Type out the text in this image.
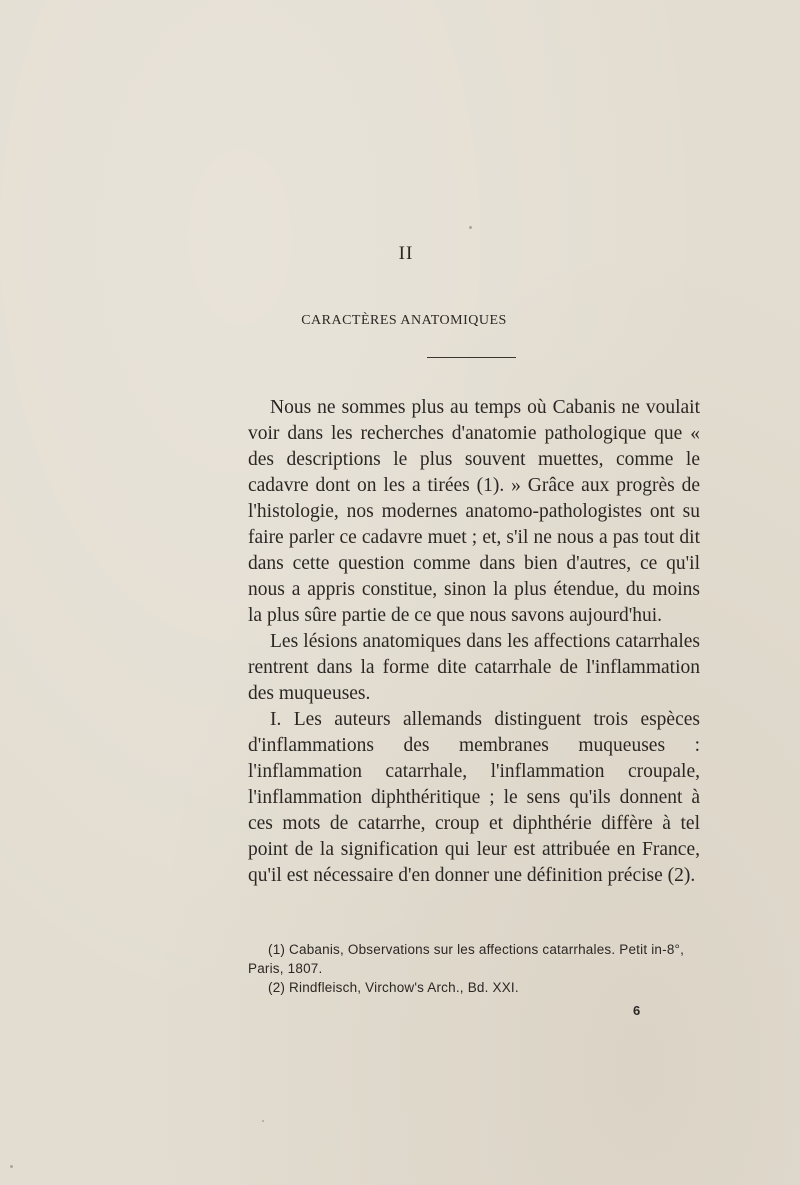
II
CARACTÈRES ANATOMIQUES

Nous ne sommes plus au temps où Cabanis ne voulait voir dans les recherches d'anatomie pathologique que « des descriptions le plus souvent muettes, comme le cadavre dont on les a tirées (1). » Grâce aux progrès de l'histologie, nos modernes anatomo-pathologistes ont su faire parler ce cadavre muet ; et, s'il ne nous a pas tout dit dans cette question comme dans bien d'autres, ce qu'il nous a appris constitue, sinon la plus étendue, du moins la plus sûre partie de ce que nous savons aujourd'hui.

Les lésions anatomiques dans les affections catarrhales rentrent dans la forme dite catarrhale de l'inflammation des muqueuses.

I. Les auteurs allemands distinguent trois espèces d'inflammations des membranes muqueuses : l'inflammation catarrhale, l'inflammation croupale, l'inflammation diphthéritique ; le sens qu'ils donnent à ces mots de catarrhe, croup et diphthérie diffère à tel point de la signification qui leur est attribuée en France, qu'il est nécessaire d'en donner une définition précise (2).

(1) Cabanis, Observations sur les affections catarrhales. Petit in-8°, Paris, 1807.

(2) Rindfleisch, Virchow's Arch., Bd. XXI.

6
